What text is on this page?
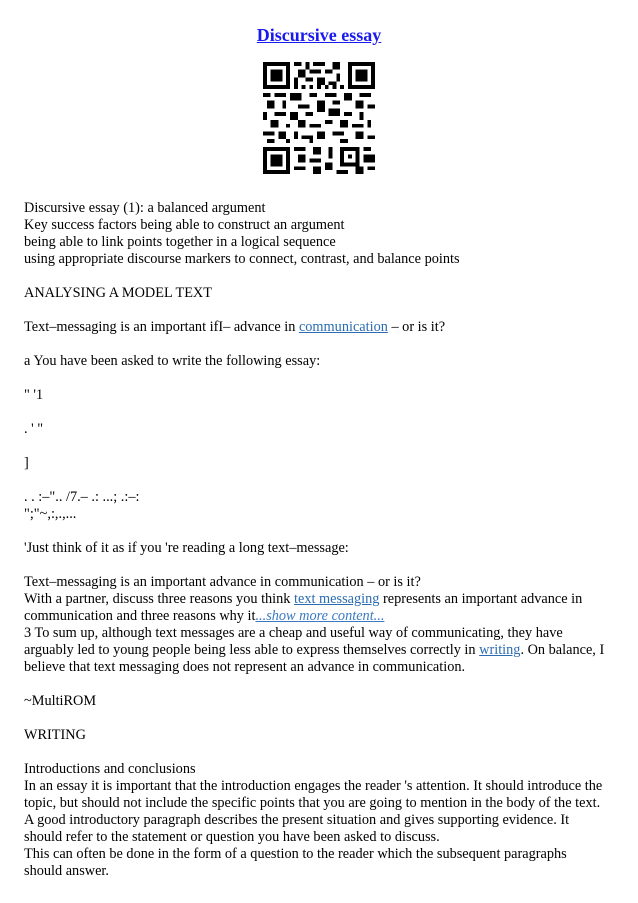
Discursive essay

Discursive essay (1): a balanced argument
Key success factors being able to construct an argument
being able to link points together in a logical sequence
using appropriate discourse markers to connect, contrast, and balance points

ANALYSING A MODEL TEXT

Text–messaging is an important ifI– advance in communication – or is it?

a You have been asked to write the following essay:

" '1

. ' "

]

. . :–".. /7.– .: ...; .:–:
";"~,:,.,...

'Just think of it as if you 're reading a long text–message:

Text–messaging is an important advance in communication – or is it?
With a partner, discuss three reasons you think text messaging represents an important advance in
communication and three reasons why it...show more content...
3 To sum up, although text messages are a cheap and useful way of communicating, they have
arguably led to young people being less able to express themselves correctly in writing. On balance, I
believe that text messaging does not represent an advance in communication.

~MultiROM

WRITING

Introductions and conclusions
In an essay it is important that the introduction engages the reader 's attention. It should introduce the
topic, but should not include the specific points that you are going to mention in the body of the text.
A good introductory paragraph describes the present situation and gives supporting evidence. It
should refer to the statement or question you have been asked to discuss.
This can often be done in the form of a question to the reader which the subsequent paragraphs
should answer.
